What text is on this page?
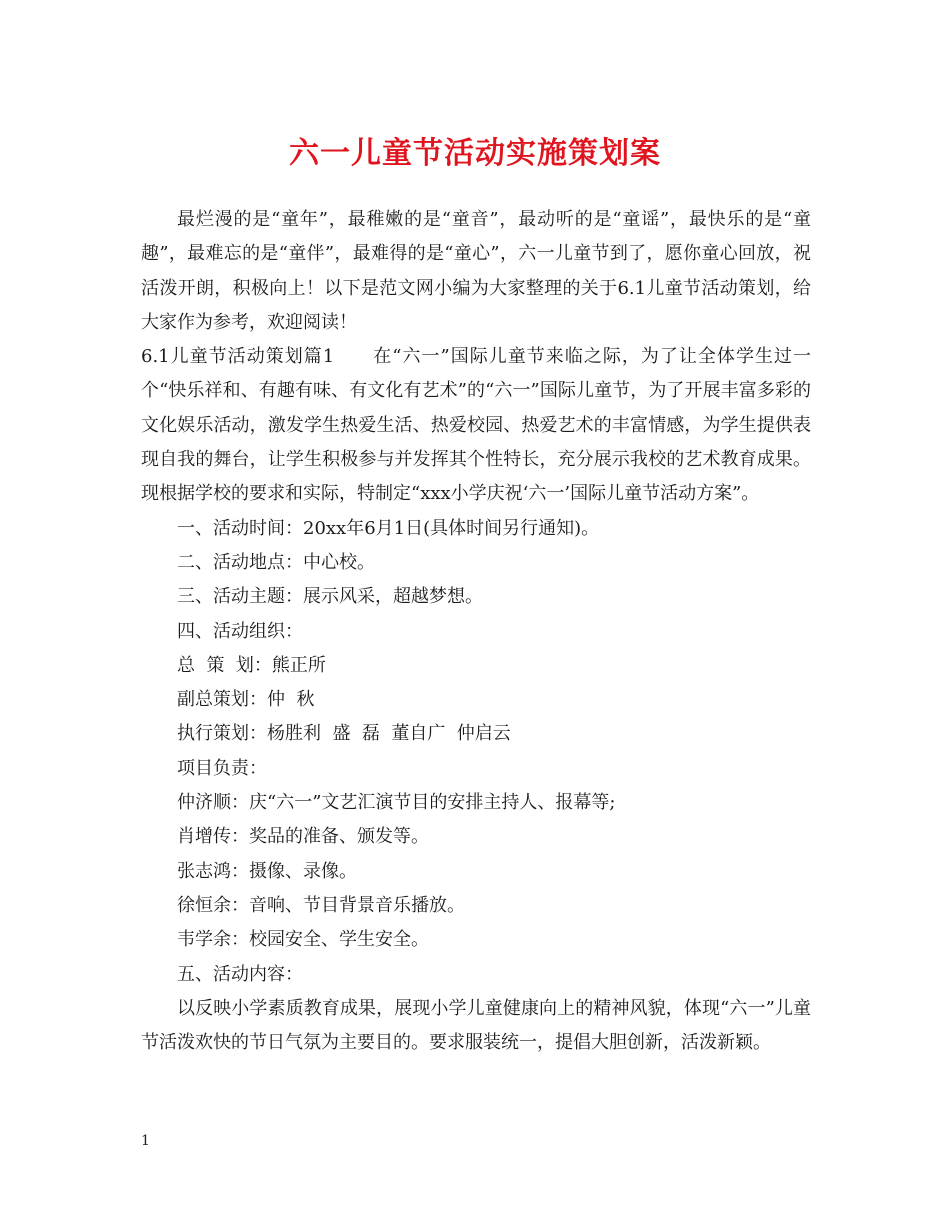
六一儿童节活动实施策划案

最烂漫的是“童年”，最稚嫩的是“童音”，最动听的是“童谣”，最快乐的是“童趣”，最难忘的是“童伴”，最难得的是“童心”，六一儿童节到了，愿你童心回放，祝活泼开朗，积极向上！以下是范文网小编为大家整理的关于6.1儿童节活动策划，给大家作为参考，欢迎阅读！

6.1儿童节活动策划篇1　　在“六一”国际儿童节来临之际，为了让全体学生过一个“快乐祥和、有趣有味、有文化有艺术”的“六一”国际儿童节，为了开展丰富多彩的文化娱乐活动，激发学生热爱生活、热爱校园、热爱艺术的丰富情感，为学生提供表现自我的舞台，让学生积极参与并发挥其个性特长，充分展示我校的艺术教育成果。现根据学校的要求和实际，特制定“xxx小学庆祝‘六一’国际儿童节活动方案”。

一、活动时间：20xx年6月1日(具体时间另行通知)。

二、活动地点：中心校。

三、活动主题：展示风采，超越梦想。

四、活动组织：

总  策  划：熊正所

副总策划：仲  秋

执行策划：杨胜利  盛  磊  董自广  仲启云

项目负责：

仲济顺：庆“六一”文艺汇演节目的安排主持人、报幕等;

肖增传：奖品的准备、颁发等。

张志鸿：摄像、录像。

徐恒余：音响、节目背景音乐播放。

韦学余：校园安全、学生安全。

五、活动内容：

以反映小学素质教育成果，展现小学儿童健康向上的精神风貌，体现“六一”儿童节活泼欢快的节日气氛为主要目的。要求服装统一，提倡大胆创新，活泼新颖。

1
